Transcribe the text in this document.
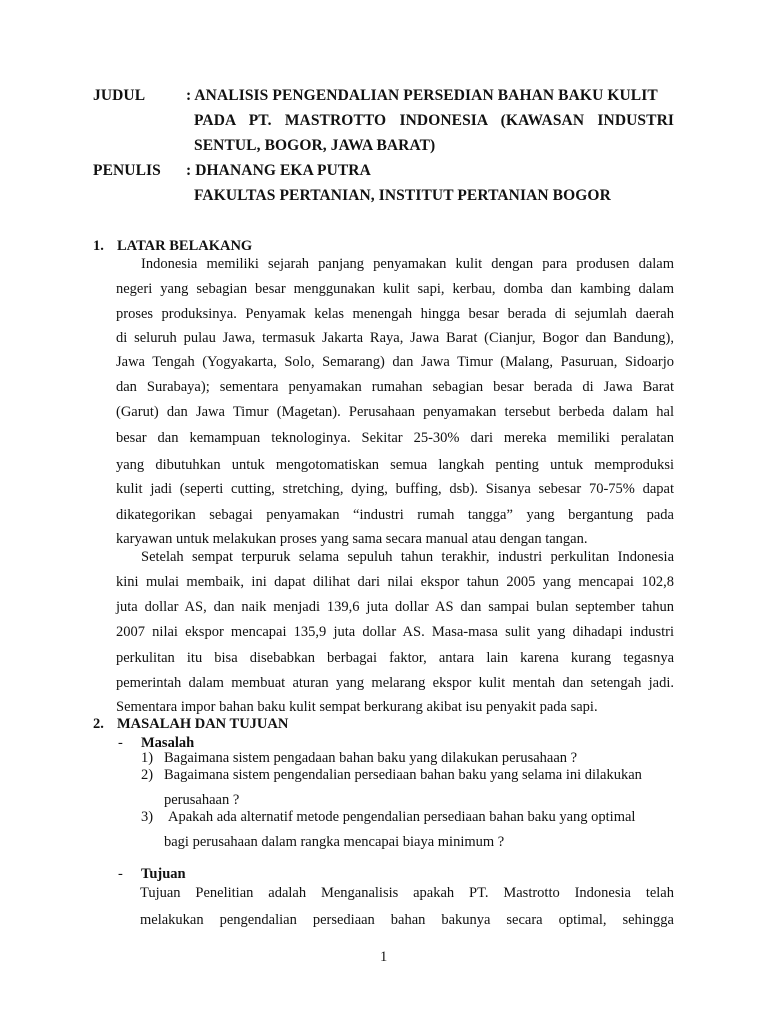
JUDUL	: ANALISIS PENGENDALIAN PERSEDIAN BAHAN BAKU KULIT
PADA PT. MASTROTTO INDONESIA (KAWASAN INDUSTRI
SENTUL, BOGOR, JAWA BARAT)
PENULIS : DHANANG EKA PUTRA
FAKULTAS PERTANIAN, INSTITUT PERTANIAN BOGOR
1. LATAR BELAKANG
Indonesia memiliki sejarah panjang penyamakan kulit dengan para produsen dalam
negeri yang sebagian besar menggunakan kulit sapi, kerbau, domba dan kambing dalam
proses produksinya. Penyamak kelas menengah hingga besar berada di sejumlah daerah
di seluruh pulau Jawa, termasuk Jakarta Raya, Jawa Barat (Cianjur, Bogor dan Bandung),
Jawa Tengah (Yogyakarta, Solo, Semarang) dan Jawa Timur (Malang, Pasuruan, Sidoarjo
dan Surabaya); sementara penyamakan rumahan sebagian besar berada di Jawa Barat
(Garut) dan Jawa Timur (Magetan). Perusahaan penyamakan tersebut berbeda dalam hal
besar dan kemampuan teknologinya. Sekitar 25-30% dari mereka memiliki peralatan
yang dibutuhkan untuk mengotomatiskan semua langkah penting untuk memproduksi
kulit jadi (seperti cutting, stretching, dying, buffing, dsb). Sisanya sebesar 70-75% dapat
dikategorikan sebagai penyamakan “industri rumah tangga” yang bergantung pada
karyawan untuk melakukan proses yang sama secara manual atau dengan tangan.
Setelah sempat terpuruk selama sepuluh tahun terakhir, industri perkulitan Indonesia
kini mulai membaik, ini dapat dilihat dari nilai ekspor tahun 2005 yang mencapai 102,8
juta dollar AS, dan naik menjadi 139,6 juta dollar AS dan sampai bulan september tahun
2007 nilai ekspor mencapai 135,9 juta dollar AS. Masa-masa sulit yang dihadapi industri
perkulitan itu bisa disebabkan berbagai faktor, antara lain karena kurang tegasnya
pemerintah dalam membuat aturan yang melarang ekspor kulit mentah dan setengah jadi.
Sementara impor bahan baku kulit sempat berkurang akibat isu penyakit pada sapi.
2. MASALAH DAN TUJUAN
- Masalah
1) Bagaimana sistem pengadaan bahan baku yang dilakukan perusahaan ?
2) Bagaimana sistem pengendalian persediaan bahan baku yang selama ini dilakukan
perusahaan ?
3) Apakah ada alternatif metode pengendalian persediaan bahan baku yang optimal
bagi perusahaan dalam rangka mencapai biaya minimum ?
- Tujuan
Tujuan Penelitian adalah Menganalisis apakah PT. Mastrotto Indonesia telah
melakukan pengendalian persediaan bahan bakunya secara optimal, sehingga
1
